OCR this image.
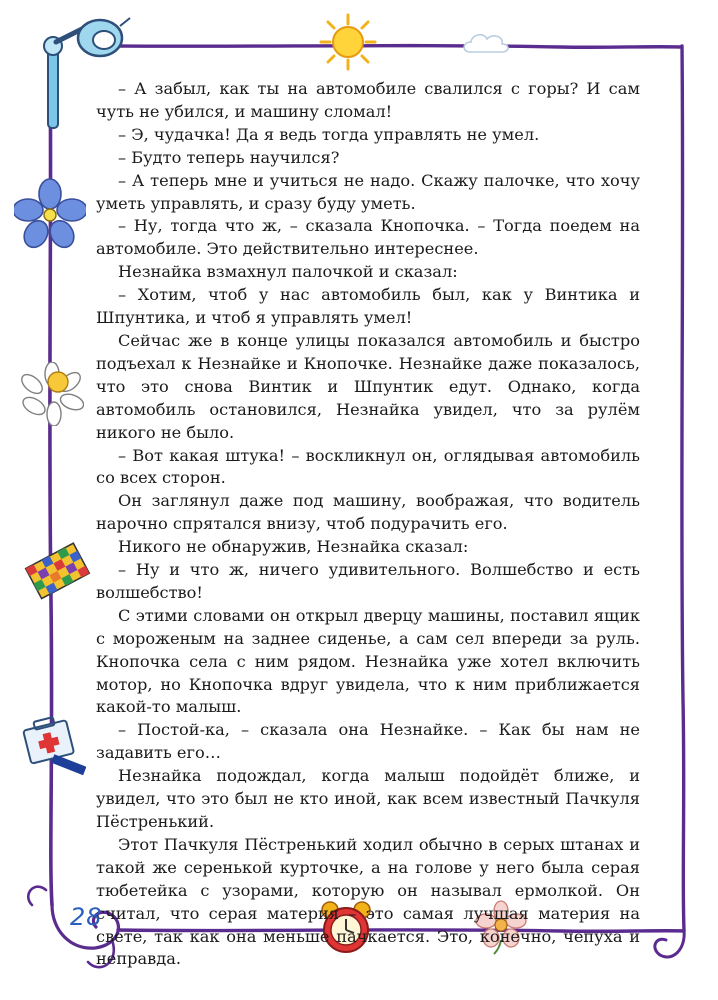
– А забыл, как ты на автомобиле свалился с горы? И сам чуть не убился, и машину сломал!

– Э, чудачка! Да я ведь тогда управлять не умел.

– Будто теперь научился?

– А теперь мне и учиться не надо. Скажу палочке, что хочу уметь управлять, и сразу буду уметь.

– Ну, тогда что ж, – сказала Кнопочка. – Тогда поедем на автомобиле. Это действительно интереснее.

Незнайка взмахнул палочкой и сказал:

– Хотим, чтоб у нас автомобиль был, как у Винтика и Шпунтика, и чтоб я управлять умел!

Сейчас же в конце улицы показался автомобиль и быстро подъехал к Незнайке и Кнопочке. Незнайке даже показалось, что это снова Винтик и Шпунтик едут. Однако, когда автомобиль остановился, Незнайка увидел, что за рулём никого не было.

– Вот какая штука! – воскликнул он, оглядывая автомобиль со всех сторон.

Он заглянул даже под машину, воображая, что водитель нарочно спрятался внизу, чтоб подурачить его.

Никого не обнаружив, Незнайка сказал:

– Ну и что ж, ничего удивительного. Волшебство и есть волшебство!

С этими словами он открыл дверцу машины, поставил ящик с мороженым на заднее сиденье, а сам сел впереди за руль. Кнопочка села с ним рядом. Незнайка уже хотел включить мотор, но Кнопочка вдруг увидела, что к ним приближается какой-то малыш.

– Постой-ка, – сказала она Незнайке. – Как бы нам не задавить его…

Незнайка подождал, когда малыш подойдёт ближе, и увидел, что это был не кто иной, как всем известный Пачкуля Пёстренький.

Этот Пачкуля Пёстренький ходил обычно в серых штанах и такой же серенькой курточке, а на голове у него была серая тюбетейка с узорами, которую он называл ермолкой. Он считал, что серая материя – это самая лучшая материя на свете, так как она меньше пачкается. Это, конечно, чепуха и неправда.

28
